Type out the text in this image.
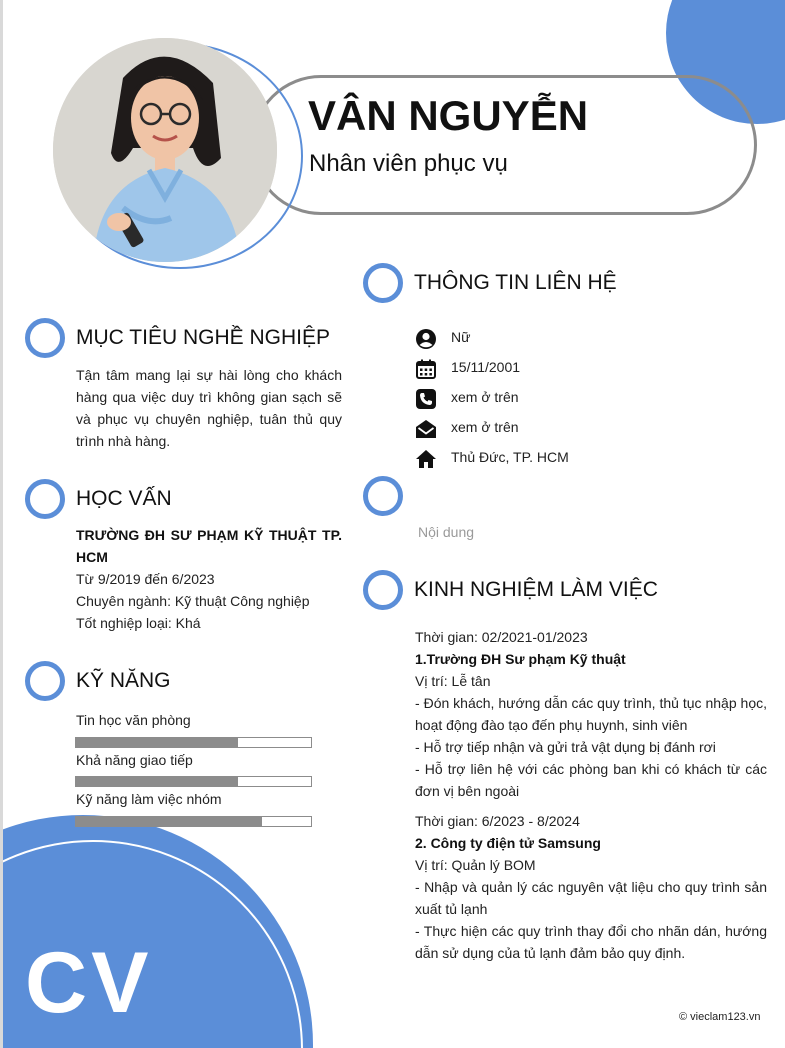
CV
VÂN NGUYỄN
Nhân viên phục vụ
MỤC TIÊU NGHỀ NGHIỆP
Tận tâm mang lại sự hài lòng cho khách hàng qua việc duy trì không gian sạch sẽ và phục vụ chuyên nghiệp, tuân thủ quy trình nhà hàng.
HỌC VẤN
TRƯỜNG ĐH SƯ PHẠM KỸ THUẬT TP. HCM
Từ 9/2019 đến 6/2023
Chuyên ngành: Kỹ thuật Công nghiệp
Tốt nghiệp loại: Khá
KỸ NĂNG
Tin học văn phòng
Khả năng giao tiếp
Kỹ năng làm việc nhóm
THÔNG TIN LIÊN HỆ
Nữ
15/11/2001
xem ở trên
xem ở trên
Thủ Đức, TP. HCM
Nội dung
KINH NGHIỆM LÀM VIỆC
Thời gian: 02/2021-01/2023
1.Trường ĐH Sư phạm Kỹ thuật
Vị trí: Lễ tân
- Đón khách, hướng dẫn các quy trình, thủ tục nhập học, hoạt động đào tạo đến phụ huynh, sinh viên
- Hỗ trợ tiếp nhận và gửi trả vật dụng bị đánh rơi
- Hỗ trợ liên hệ với các phòng ban khi có khách từ các đơn vị bên ngoài
Thời gian: 6/2023 - 8/2024
2. Công ty điện tử Samsung
Vị trí: Quản lý BOM
- Nhập và quản lý các nguyên vật liệu cho quy trình sản xuất tủ lạnh
- Thực hiện các quy trình thay đổi cho nhãn dán, hướng dẫn sử dụng của tủ lạnh đảm bảo quy định.
© vieclam123.vn
